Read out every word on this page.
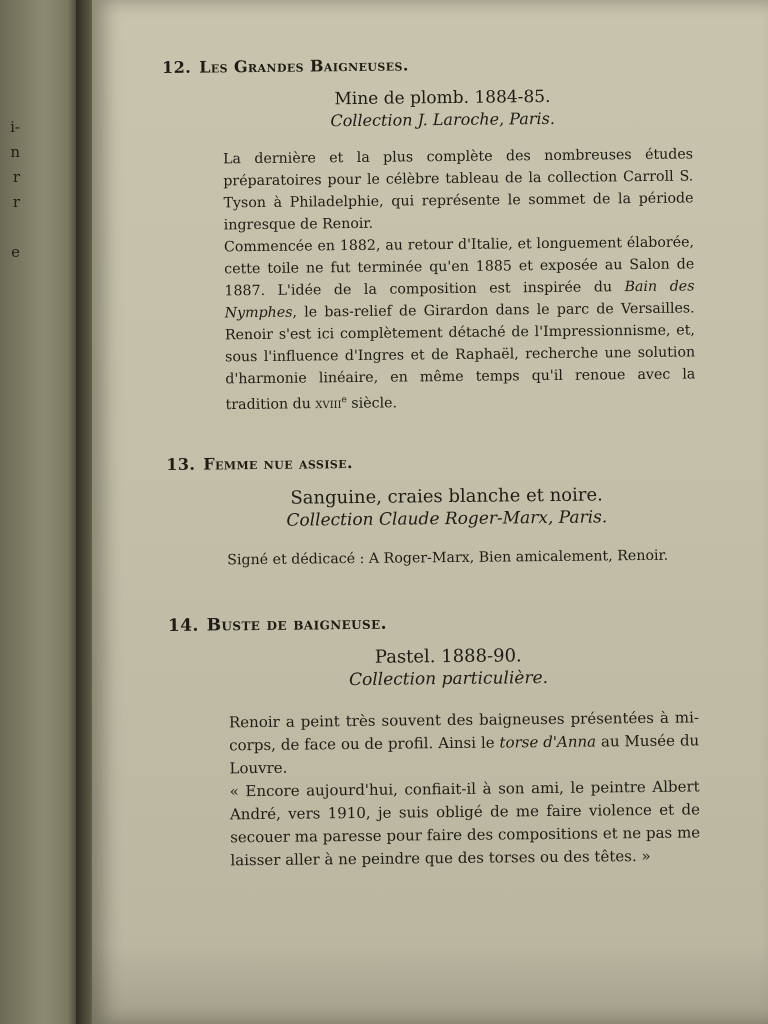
i-
n
r
r
e
12. Les Grandes Baigneuses.

Mine de plomb. 1884-85.

Collection J. Laroche, Paris.

La dernière et la plus complète des nombreuses études préparatoires pour le célèbre tableau de la collection Carroll S. Tyson à Philadelphie, qui représente le sommet de la période ingresque de Renoir.

Commencée en 1882, au retour d'Italie, et longuement élaborée, cette toile ne fut terminée qu'en 1885 et exposée au Salon de 1887. L'idée de la composition est inspirée du Bain des Nymphes, le bas-relief de Girardon dans le parc de Versailles. Renoir s'est ici complètement détaché de l'Impressionnisme, et, sous l'influence d'Ingres et de Raphaël, recherche une solution d'harmonie linéaire, en même temps qu'il renoue avec la tradition du xviii$^e$ siècle.

13. Femme nue assise.

Sanguine, craies blanche et noire.

Collection Claude Roger-Marx, Paris.

Signé et dédicacé : A Roger-Marx, Bien amicalement, Renoir.

14. Buste de baigneuse.

Pastel. 1888-90.

Collection particulière.

Renoir a peint très souvent des baigneuses présentées à mi-corps, de face ou de profil. Ainsi le torse d'Anna au Musée du Louvre.

« Encore aujourd'hui, confiait-il à son ami, le peintre Albert André, vers 1910, je suis obligé de me faire violence et de secouer ma paresse pour faire des compositions et ne pas me laisser aller à ne peindre que des torses ou des têtes. »
